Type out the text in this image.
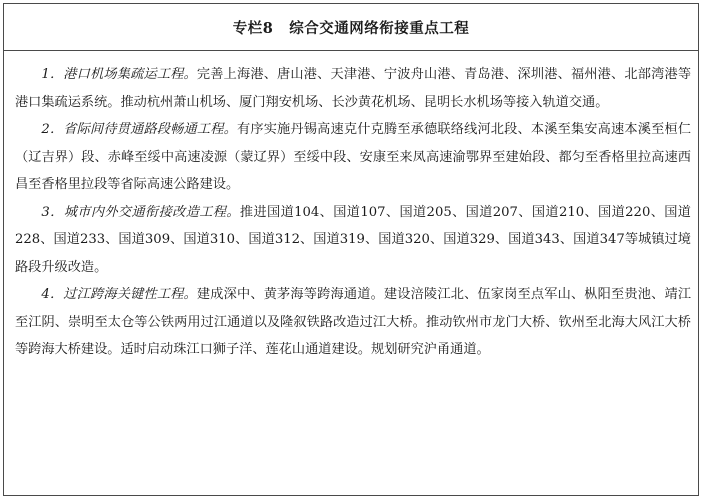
专栏8 综合交通网络衔接重点工程

1．港口机场集疏运工程。完善上海港、唐山港、天津港、宁波舟山港、青岛港、深圳港、福州港、北部湾港等港口集疏运系统。推动杭州萧山机场、厦门翔安机场、长沙黄花机场、昆明长水机场等接入轨道交通。

2．省际间待贯通路段畅通工程。有序实施丹锡高速克什克腾至承德联络线河北段、本溪至集安高速本溪至桓仁（辽吉界）段、赤峰至绥中高速凌源（蒙辽界）至绥中段、安康至来凤高速渝鄂界至建始段、都匀至香格里拉高速西昌至香格里拉段等省际高速公路建设。

3．城市内外交通衔接改造工程。推进国道104、国道107、国道205、国道207、国道210、国道220、国道228、国道233、国道309、国道310、国道312、国道319、国道320、国道329、国道343、国道347等城镇过境路段升级改造。

4．过江跨海关键性工程。建成深中、黄茅海等跨海通道。建设涪陵江北、伍家岗至点军山、枞阳至贵池、靖江至江阴、崇明至太仓等公铁两用过江通道以及隆叙铁路改造过江大桥。推动钦州市龙门大桥、钦州至北海大风江大桥等跨海大桥建设。适时启动珠江口狮子洋、莲花山通道建设。规划研究沪甬通道。
